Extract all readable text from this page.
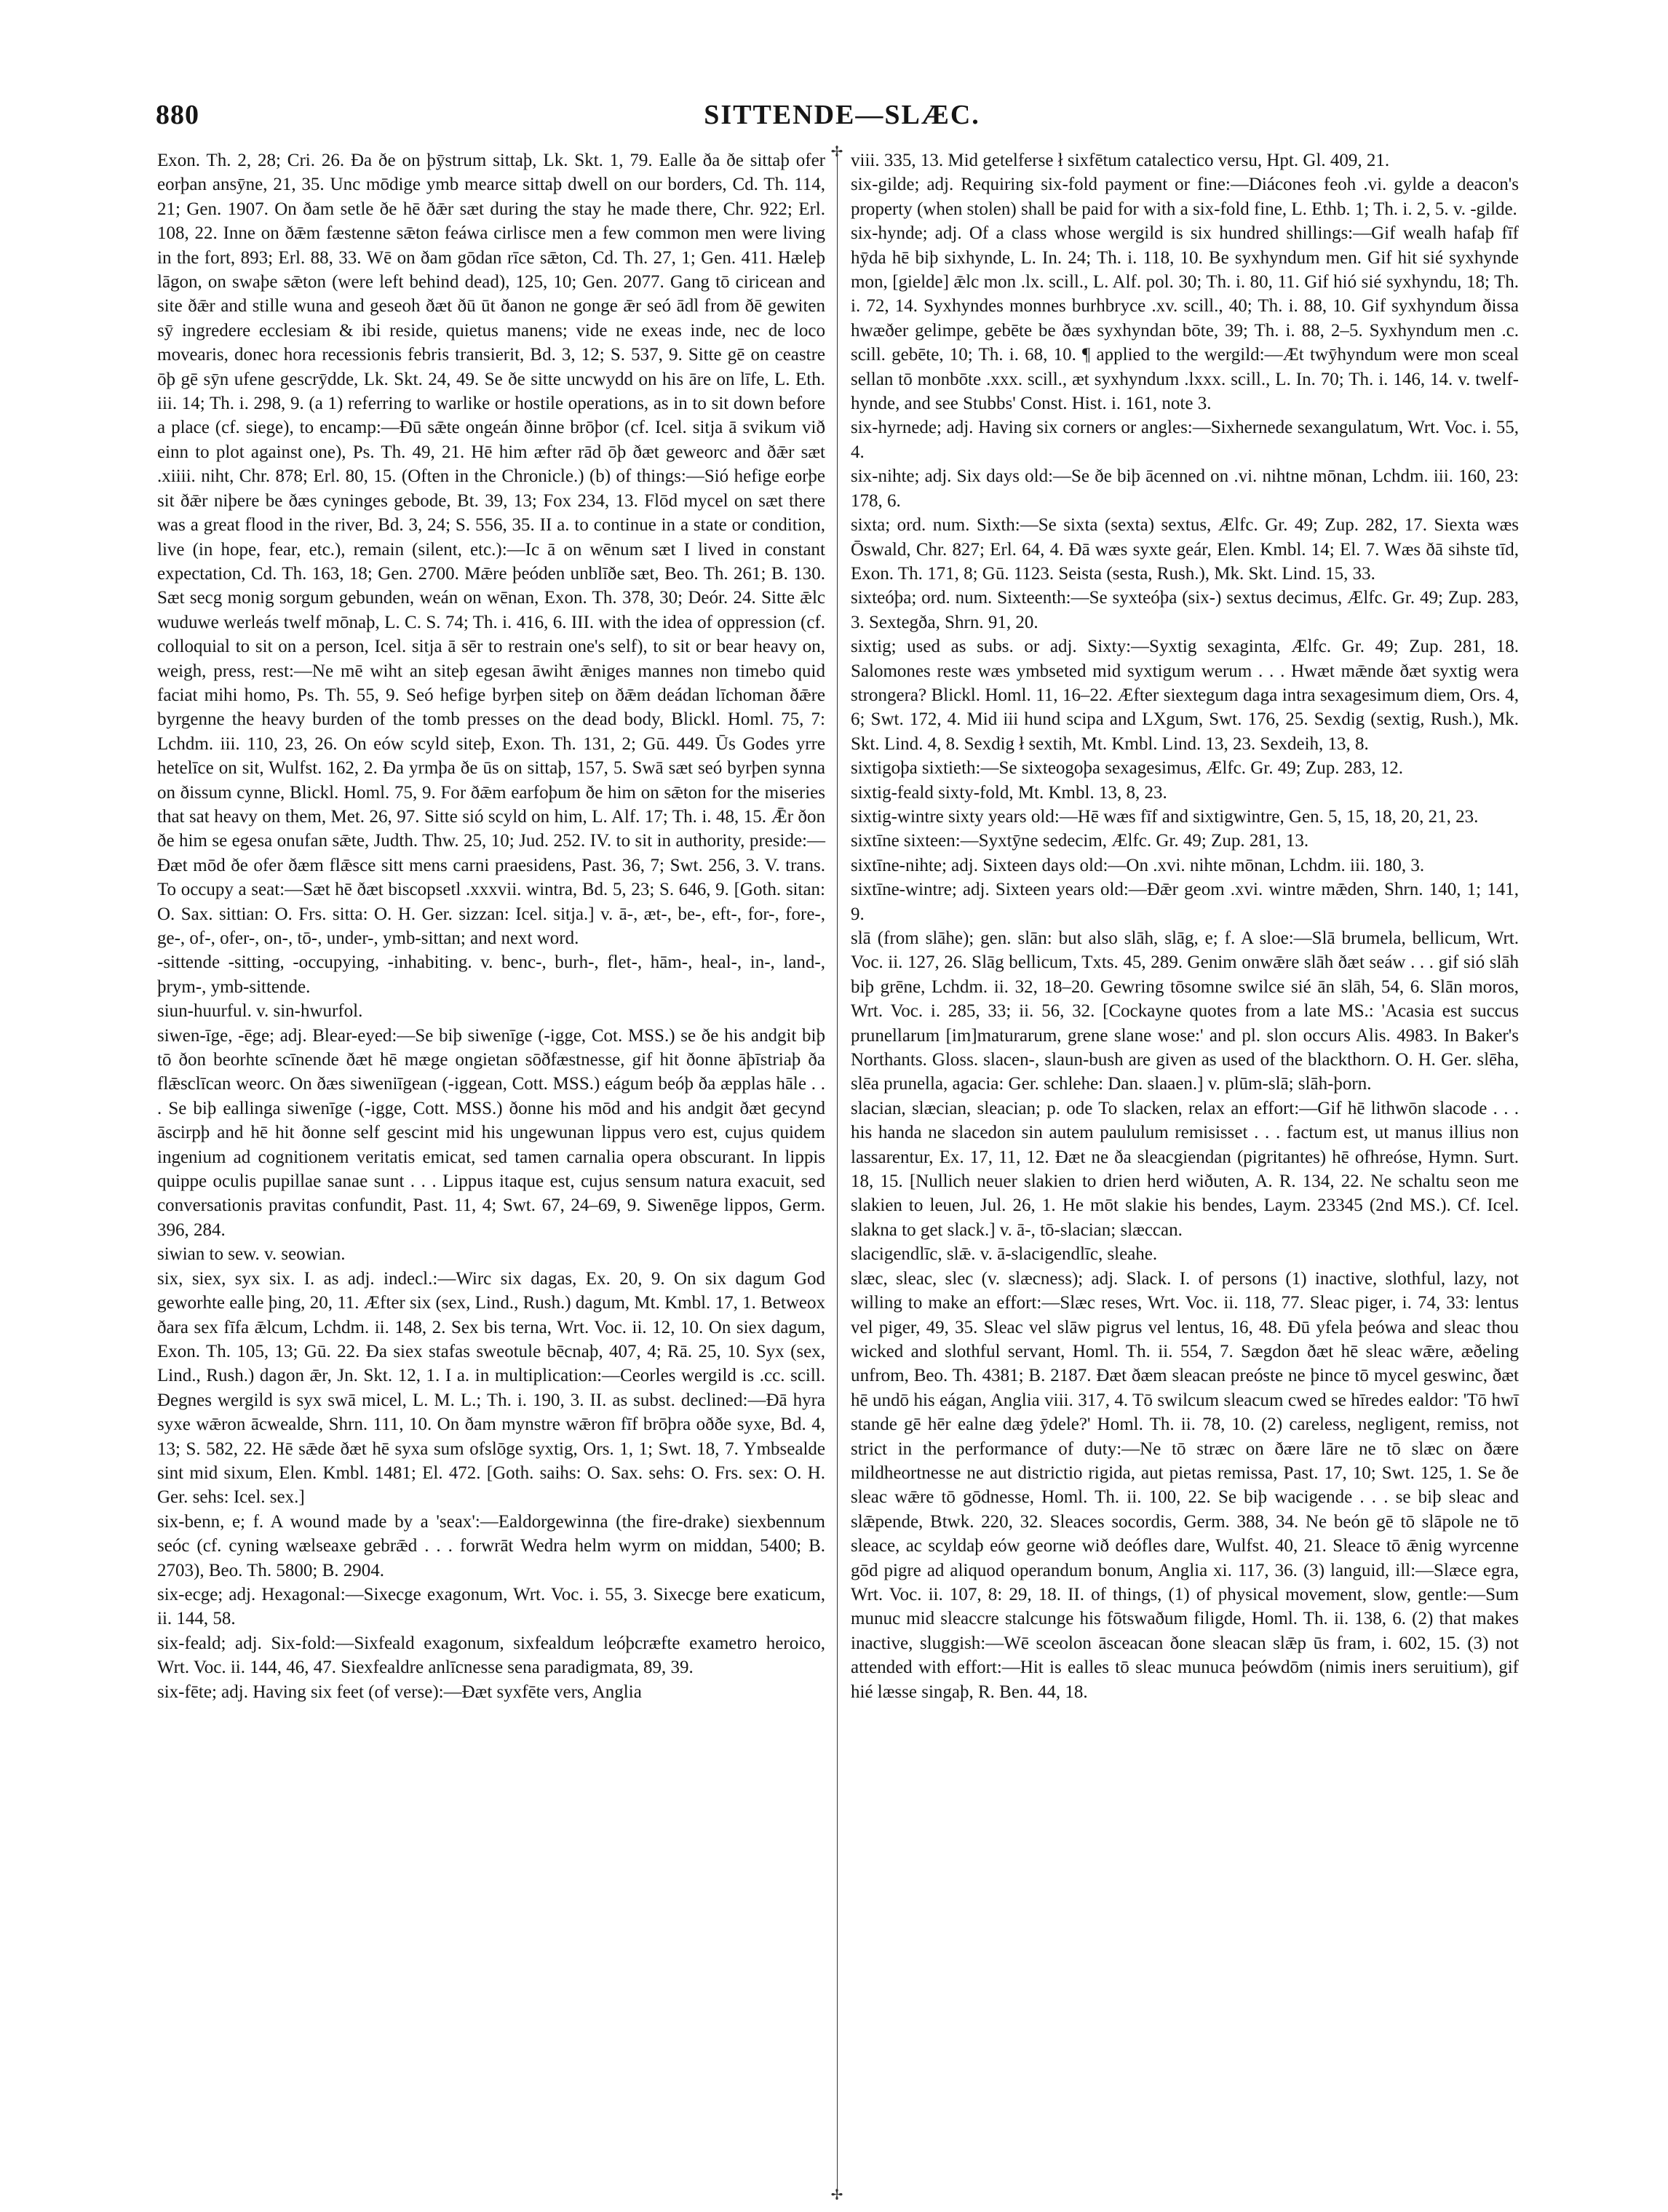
880	SITTENDE—SLÆC.

Exon. Th. 2, 28; Cri. 26. Ða ðe on þȳstrum sittaþ, Lk. Skt. 1, 79. Ealle ða ðe sittaþ ofer eorþan ansȳne, 21, 35. Unc mōdige ymb mearce sittaþ dwell on our borders, Cd. Th. 114, 21; Gen. 1907. On ðam setle ðe hē ðǣr sæt during the stay he made there, Chr. 922; Erl. 108, 22. Inne on ðǣm fæstenne sǣton feáwa cirlisce men a few common men were living in the fort, 893; Erl. 88, 33. Wē on ðam gōdan rīce sǣton, Cd. Th. 27, 1; Gen. 411. Hæleþ lāgon, on swaþe sǣton (were left behind dead), 125, 10; Gen. 2077. Gang tō ciricean and site ðǣr and stille wuna and geseoh ðæt ðū ūt ðanon ne gonge ǣr seó ādl from ðē gewiten sȳ ingredere ecclesiam & ibi reside, quietus manens; vide ne exeas inde, nec de loco movearis, donec hora recessionis febris transierit, Bd. 3, 12; S. 537, 9. Sitte gē on ceastre ōþ gē sȳn ufene gescrȳdde, Lk. Skt. 24, 49. Se ðe sitte uncwydd on his āre on līfe, L. Eth. iii. 14; Th. i. 298, 9. (a 1) referring to warlike or hostile operations, as in to sit down before a place (cf. siege), to encamp:—Ðū sǣte ongeán ðinne brōþor (cf. Icel. sitja ā svikum við einn to plot against one), Ps. Th. 49, 21. Hē him æfter rād ōþ ðæt geweorc and ðǣr sæt .xiiii. niht, Chr. 878; Erl. 80, 15. (Often in the Chronicle.) (b) of things:—Sió hefige eorþe sit ðǣr niþere be ðæs cyninges gebode, Bt. 39, 13; Fox 234, 13. Flōd mycel on sæt there was a great flood in the river, Bd. 3, 24; S. 556, 35. II a. to continue in a state or condition, live (in hope, fear, etc.), remain (silent, etc.):—Ic ā on wēnum sæt I lived in constant expectation, Cd. Th. 163, 18; Gen. 2700. Mǣre þeóden unblīðe sæt, Beo. Th. 261; B. 130. Sæt secg monig sorgum gebunden, weán on wēnan, Exon. Th. 378, 30; Deór. 24. Sitte ǣlc wuduwe werleás twelf mōnaþ, L. C. S. 74; Th. i. 416, 6. III. with the idea of oppression (cf. colloquial to sit on a person, Icel. sitja ā sēr to restrain one's self), to sit or bear heavy on, weigh, press, rest:—Ne mē wiht an siteþ egesan āwiht ǣniges mannes non timebo quid faciat mihi homo, Ps. Th. 55, 9. Seó hefige byrþen siteþ on ðǣm deádan līchoman ðǣre byrgenne the heavy burden of the tomb presses on the dead body, Blickl. Homl. 75, 7: Lchdm. iii. 110, 23, 26. On eów scyld siteþ, Exon. Th. 131, 2; Gū. 449. Ūs Godes yrre hetelīce on sit, Wulfst. 162, 2. Ða yrmþa ðe ūs on sittaþ, 157, 5. Swā sæt seó byrþen synna on ðissum cynne, Blickl. Homl. 75, 9. For ðǣm earfoþum ðe him on sǣton for the miseries that sat heavy on them, Met. 26, 97. Sitte sió scyld on him, L. Alf. 17; Th. i. 48, 15. Ǣr ðon ðe him se egesa onufan sǣte, Judth. Thw. 25, 10; Jud. 252. IV. to sit in authority, preside:—Ðæt mōd ðe ofer ðæm flǣsce sitt mens carni praesidens, Past. 36, 7; Swt. 256, 3. V. trans. To occupy a seat:—Sæt hē ðæt biscopsetl .xxxvii. wintra, Bd. 5, 23; S. 646, 9. [Goth. sitan: O. Sax. sittian: O. Frs. sitta: O. H. Ger. sizzan: Icel. sitja.] v. ā-, æt-, be-, eft-, for-, fore-, ge-, of-, ofer-, on-, tō-, under-, ymb-sittan; and next word.

-sittende -sitting, -occupying, -inhabiting. v. benc-, burh-, flet-, hām-, heal-, in-, land-, þrym-, ymb-sittende.

siun-huurful. v. sin-hwurfol.

siwen-īge, -ēge; adj. Blear-eyed:—Se biþ siwenīge (-igge, Cot. MSS.) se ðe his andgit biþ tō ðon beorhte scīnende ðæt hē mæge ongietan sōðfæstnesse, gif hit ðonne āþīstriaþ ða flǣsclīcan weorc. On ðæs siweniīgean (-iggean, Cott. MSS.) eágum beóþ ða æpplas hāle . . . Se biþ eallinga siwenīge (-igge, Cott. MSS.) ðonne his mōd and his andgit ðæt gecynd āscirpþ and hē hit ðonne self gescint mid his ungewunan lippus vero est, cujus quidem ingenium ad cognitionem veritatis emicat, sed tamen carnalia opera obscurant. In lippis quippe oculis pupillae sanae sunt . . . Lippus itaque est, cujus sensum natura exacuit, sed conversationis pravitas confundit, Past. 11, 4; Swt. 67, 24–69, 9. Siwenēge lippos, Germ. 396, 284.

siwian to sew. v. seowian.

six, siex, syx six. I. as adj. indecl.:—Wirc six dagas, Ex. 20, 9. On six dagum God geworhte ealle þing, 20, 11. Æfter six (sex, Lind., Rush.) dagum, Mt. Kmbl. 17, 1. Betweox ðara sex fīfa ǣlcum, Lchdm. ii. 148, 2. Sex bis terna, Wrt. Voc. ii. 12, 10. On siex dagum, Exon. Th. 105, 13; Gū. 22. Ða siex stafas sweotule bēcnaþ, 407, 4; Rā. 25, 10. Syx (sex, Lind., Rush.) dagon ǣr, Jn. Skt. 12, 1. I a. in multiplication:—Ceorles wergild is .cc. scill. Ðegnes wergild is syx swā micel, L. M. L.; Th. i. 190, 3. II. as subst. declined:—Ðā hyra syxe wǣron ācwealde, Shrn. 111, 10. On ðam mynstre wǣron fīf brōþra oððe syxe, Bd. 4, 13; S. 582, 22. Hē sǣde ðæt hē syxa sum ofslōge syxtig, Ors. 1, 1; Swt. 18, 7. Ymbsealde sint mid sixum, Elen. Kmbl. 1481; El. 472. [Goth. saihs: O. Sax. sehs: O. Frs. sex: O. H. Ger. sehs: Icel. sex.]

six-benn, e; f. A wound made by a 'seax':—Ealdorgewinna (the fire-drake) siexbennum seóc (cf. cyning wælseaxe gebrǣd . . . forwrāt Wedra helm wyrm on middan, 5400; B. 2703), Beo. Th. 5800; B. 2904.

six-ecge; adj. Hexagonal:—Sixecge exagonum, Wrt. Voc. i. 55, 3. Sixecge bere exaticum, ii. 144, 58.

six-feald; adj. Six-fold:—Sixfeald exagonum, sixfealdum leóþcræfte exametro heroico, Wrt. Voc. ii. 144, 46, 47. Siexfealdre anlīcnesse sena paradigmata, 89, 39.

six-fēte; adj. Having six feet (of verse):—Ðæt syxfēte vers, Anglia

✢
✢

viii. 335, 13. Mid getelferse ł sixfētum catalectico versu, Hpt. Gl. 409, 21.

six-gilde; adj. Requiring six-fold payment or fine:—Diácones feoh .vi. gylde a deacon's property (when stolen) shall be paid for with a six-fold fine, L. Ethb. 1; Th. i. 2, 5. v. -gilde.

six-hynde; adj. Of a class whose wergild is six hundred shillings:—Gif wealh hafaþ fīf hȳda hē biþ sixhynde, L. In. 24; Th. i. 118, 10. Be syxhyndum men. Gif hit sié syxhynde mon, [gielde] ǣlc mon .lx. scill., L. Alf. pol. 30; Th. i. 80, 11. Gif hió sié syxhyndu, 18; Th. i. 72, 14. Syxhyndes monnes burhbryce .xv. scill., 40; Th. i. 88, 10. Gif syxhyndum ðissa hwæðer gelimpe, gebēte be ðæs syxhyndan bōte, 39; Th. i. 88, 2–5. Syxhyndum men .c. scill. gebēte, 10; Th. i. 68, 10. ¶ applied to the wergild:—Æt twȳhyndum were mon sceal sellan tō monbōte .xxx. scill., æt syxhyndum .lxxx. scill., L. In. 70; Th. i. 146, 14. v. twelf-hynde, and see Stubbs' Const. Hist. i. 161, note 3.

six-hyrnede; adj. Having six corners or angles:—Sixhernede sexangulatum, Wrt. Voc. i. 55, 4.

six-nihte; adj. Six days old:—Se ðe biþ ācenned on .vi. nihtne mōnan, Lchdm. iii. 160, 23: 178, 6.

sixta; ord. num. Sixth:—Se sixta (sexta) sextus, Ælfc. Gr. 49; Zup. 282, 17. Siexta wæs Ōswald, Chr. 827; Erl. 64, 4. Ðā wæs syxte geár, Elen. Kmbl. 14; El. 7. Wæs ðā sihste tīd, Exon. Th. 171, 8; Gū. 1123. Seista (sesta, Rush.), Mk. Skt. Lind. 15, 33.

sixteóþa; ord. num. Sixteenth:—Se syxteóþa (six-) sextus decimus, Ælfc. Gr. 49; Zup. 283, 3. Sextegða, Shrn. 91, 20.

sixtig; used as subs. or adj. Sixty:—Syxtig sexaginta, Ælfc. Gr. 49; Zup. 281, 18. Salomones reste wæs ymbseted mid syxtigum werum . . . Hwæt mǣnde ðæt syxtig wera strongera? Blickl. Homl. 11, 16–22. Æfter siextegum daga intra sexagesimum diem, Ors. 4, 6; Swt. 172, 4. Mid iii hund scipa and LXgum, Swt. 176, 25. Sexdig (sextig, Rush.), Mk. Skt. Lind. 4, 8. Sexdig ł sextih, Mt. Kmbl. Lind. 13, 23. Sexdeih, 13, 8.

sixtigoþa sixtieth:—Se sixteogoþa sexagesimus, Ælfc. Gr. 49; Zup. 283, 12.

sixtig-feald sixty-fold, Mt. Kmbl. 13, 8, 23.

sixtig-wintre sixty years old:—Hē wæs fīf and sixtigwintre, Gen. 5, 15, 18, 20, 21, 23.

sixtīne sixteen:—Syxtȳne sedecim, Ælfc. Gr. 49; Zup. 281, 13.

sixtīne-nihte; adj. Sixteen days old:—On .xvi. nihte mōnan, Lchdm. iii. 180, 3.

sixtīne-wintre; adj. Sixteen years old:—Ðǣr geom .xvi. wintre mǣden, Shrn. 140, 1; 141, 9.

slā (from slāhe); gen. slān: but also slāh, slāg, e; f. A sloe:—Slā brumela, bellicum, Wrt. Voc. ii. 127, 26. Slāg bellicum, Txts. 45, 289. Genim onwǣre slāh ðæt seáw . . . gif sió slāh biþ grēne, Lchdm. ii. 32, 18–20. Gewring tōsomne swilce sié ān slāh, 54, 6. Slān moros, Wrt. Voc. i. 285, 33; ii. 56, 32. [Cockayne quotes from a late MS.: 'Acasia est succus prunellarum [im]maturarum, grene slane wose:' and pl. slon occurs Alis. 4983. In Baker's Northants. Gloss. slacen-, slaun-bush are given as used of the blackthorn. O. H. Ger. slēha, slēa prunella, agacia: Ger. schlehe: Dan. slaaen.] v. plūm-slā; slāh-þorn.

slacian, slæcian, sleacian; p. ode To slacken, relax an effort:—Gif hē lithwōn slacode . . . his handa ne slacedon sin autem paululum remisisset . . . factum est, ut manus illius non lassarentur, Ex. 17, 11, 12. Ðæt ne ða sleacgiendan (pigritantes) hē ofhreóse, Hymn. Surt. 18, 15. [Nullich neuer slakien to drien herd wiðuten, A. R. 134, 22. Ne schaltu seon me slakien to leuen, Jul. 26, 1. He mōt slakie his bendes, Laym. 23345 (2nd MS.). Cf. Icel. slakna to get slack.] v. ā-, tō-slacian; slæccan.

slacigendlīc, slǣ. v. ā-slacigendlīc, sleahe.

slæc, sleac, slec (v. slæcness); adj. Slack. I. of persons (1) inactive, slothful, lazy, not willing to make an effort:—Slæc reses, Wrt. Voc. ii. 118, 77. Sleac piger, i. 74, 33: lentus vel piger, 49, 35. Sleac vel slāw pigrus vel lentus, 16, 48. Ðū yfela þeówa and sleac thou wicked and slothful servant, Homl. Th. ii. 554, 7. Sægdon ðæt hē sleac wǣre, æðeling unfrom, Beo. Th. 4381; B. 2187. Ðæt ðæm sleacan preóste ne þince tō mycel geswinc, ðæt hē undō his eágan, Anglia viii. 317, 4. Tō swilcum sleacum cwed se hīredes ealdor: 'Tō hwī stande gē hēr ealne dæg ȳdele?' Homl. Th. ii. 78, 10. (2) careless, negligent, remiss, not strict in the performance of duty:—Ne tō stræc on ðære lāre ne tō slæc on ðære mildheortnesse ne aut districtio rigida, aut pietas remissa, Past. 17, 10; Swt. 125, 1. Se ðe sleac wǣre tō gōdnesse, Homl. Th. ii. 100, 22. Se biþ wacigende . . . se biþ sleac and slǣpende, Btwk. 220, 32. Sleaces socordis, Germ. 388, 34. Ne beón gē tō slāpole ne tō sleace, ac scyldaþ eów georne wið deófles dare, Wulfst. 40, 21. Sleace tō ǣnig wyrcenne gōd pigre ad aliquod operandum bonum, Anglia xi. 117, 36. (3) languid, ill:—Slæce egra, Wrt. Voc. ii. 107, 8: 29, 18. II. of things, (1) of physical movement, slow, gentle:—Sum munuc mid sleaccre stalcunge his fōtswaðum filigde, Homl. Th. ii. 138, 6. (2) that makes inactive, sluggish:—Wē sceolon āsceacan ðone sleacan slǣp ūs fram, i. 602, 15. (3) not attended with effort:—Hit is ealles tō sleac munuca þeówdōm (nimis iners seruitium), gif hié læsse singaþ, R. Ben. 44, 18.
